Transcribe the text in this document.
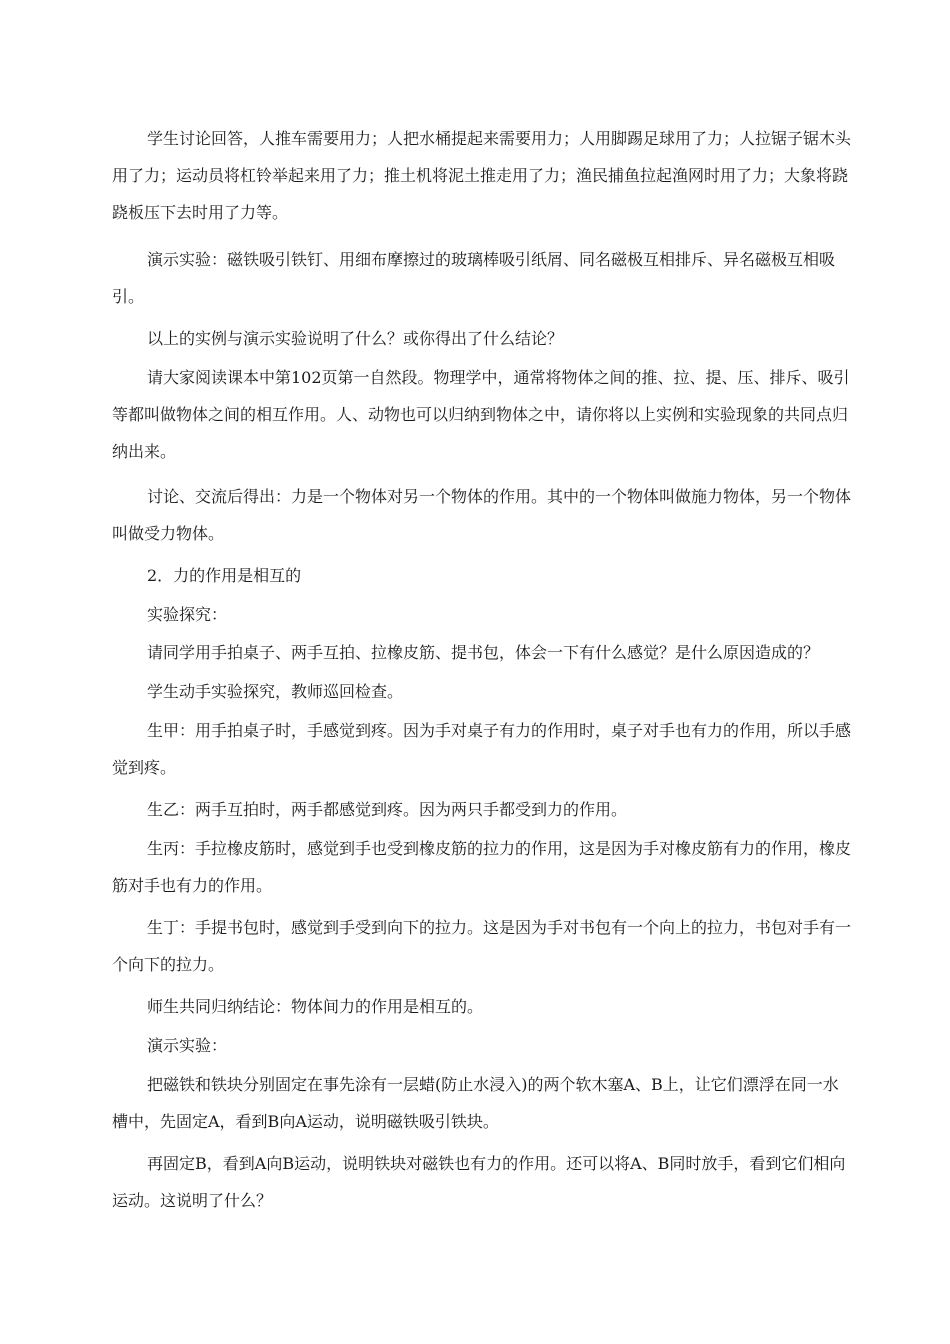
学生讨论回答，人推车需要用力；人把水桶提起来需要用力；人用脚踢足球用了力；人拉锯子锯木头用了力；运动员将杠铃举起来用了力；推土机将泥土推走用了力；渔民捕鱼拉起渔网时用了力；大象将跷跷板压下去时用了力等。

演示实验：磁铁吸引铁钉、用细布摩擦过的玻璃棒吸引纸屑、同名磁极互相排斥、异名磁极互相吸引。

以上的实例与演示实验说明了什么？或你得出了什么结论？

请大家阅读课本中第102页第一自然段。物理学中，通常将物体之间的推、拉、提、压、排斥、吸引等都叫做物体之间的相互作用。人、动物也可以归纳到物体之中，请你将以上实例和实验现象的共同点归纳出来。

讨论、交流后得出：力是一个物体对另一个物体的作用。其中的一个物体叫做施力物体，另一个物体叫做受力物体。

2．力的作用是相互的

实验探究：

请同学用手拍桌子、两手互拍、拉橡皮筋、提书包，体会一下有什么感觉？是什么原因造成的？

学生动手实验探究，教师巡回检查。

生甲：用手拍桌子时，手感觉到疼。因为手对桌子有力的作用时，桌子对手也有力的作用，所以手感觉到疼。

生乙：两手互拍时，两手都感觉到疼。因为两只手都受到力的作用。

生丙：手拉橡皮筋时，感觉到手也受到橡皮筋的拉力的作用，这是因为手对橡皮筋有力的作用，橡皮筋对手也有力的作用。

生丁：手提书包时，感觉到手受到向下的拉力。这是因为手对书包有一个向上的拉力，书包对手有一个向下的拉力。

师生共同归纳结论：物体间力的作用是相互的。

演示实验：

把磁铁和铁块分别固定在事先涂有一层蜡(防止水浸入)的两个软木塞A、B上，让它们漂浮在同一水槽中，先固定A，看到B向A运动，说明磁铁吸引铁块。

再固定B，看到A向B运动，说明铁块对磁铁也有力的作用。还可以将A、B同时放手，看到它们相向运动。这说明了什么？
